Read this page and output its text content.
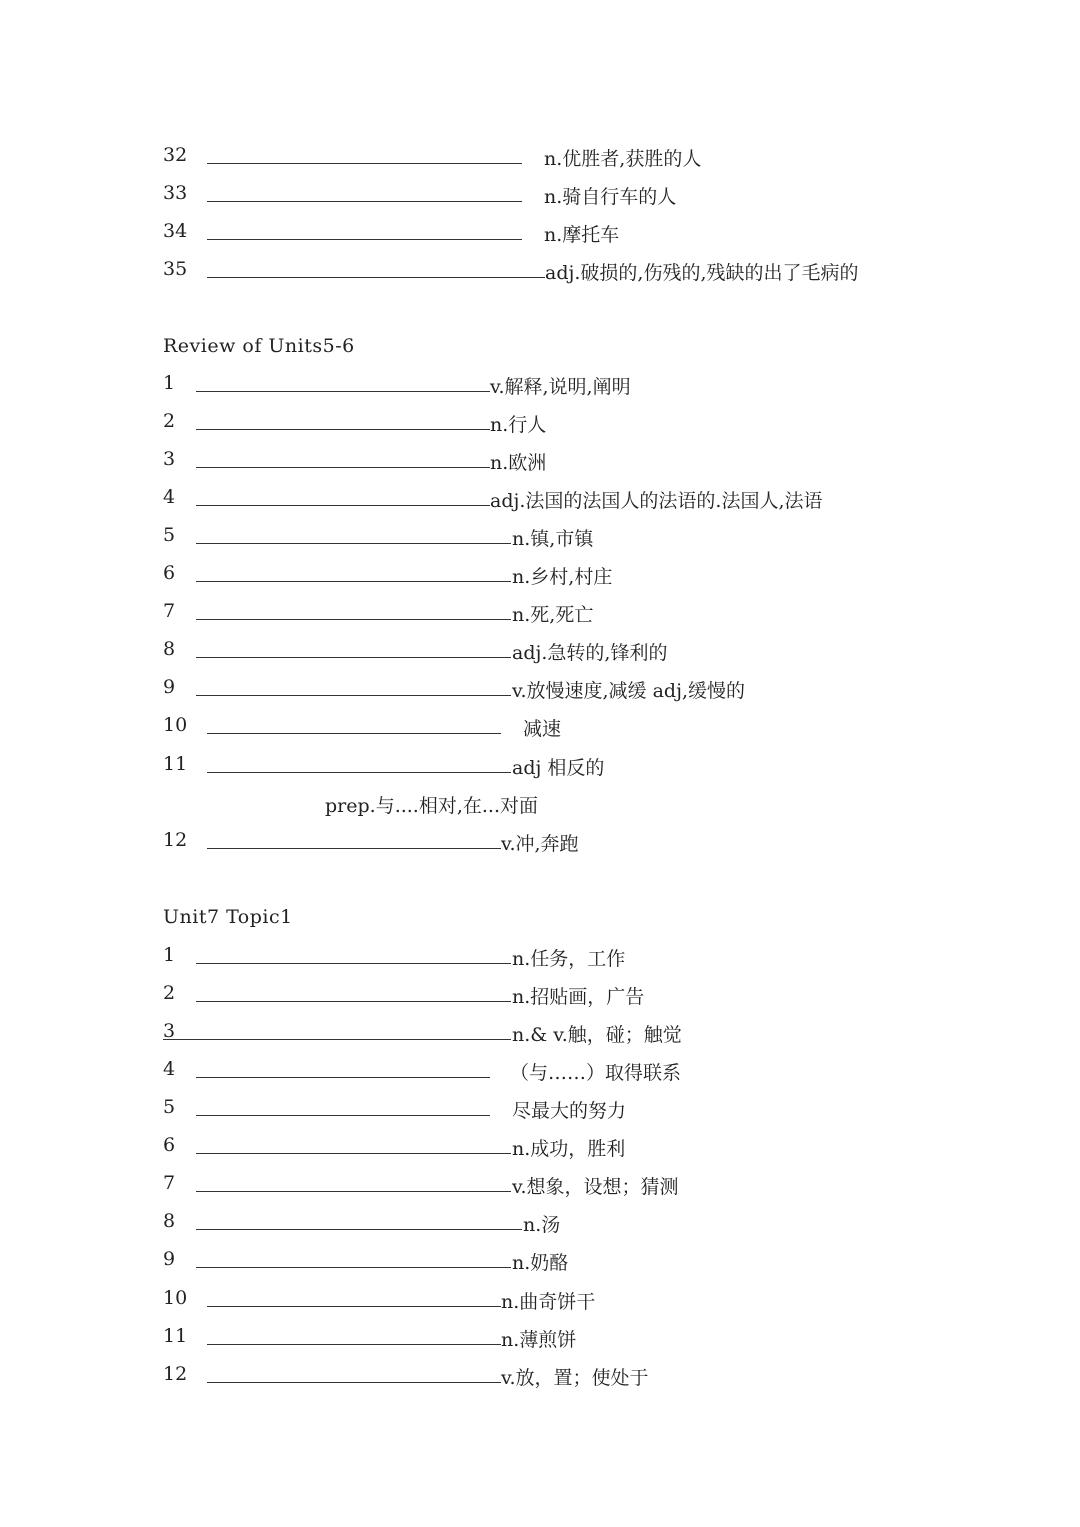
32	n.优胜者,获胜的人
33	n.骑自行车的人
34	n.摩托车
35	adj.破损的,伤残的,残缺的出了毛病的
Review of Units5-6
1	v.解释,说明,阐明
2	n.行人
3	n.欧洲
4	adj.法国的法国人的法语的.法国人,法语
5	n.镇,市镇
6	n.乡村,村庄
7	n.死,死亡
8	adj.急转的,锋利的
9	v.放慢速度,减缓 adj,缓慢的
10	减速
11	adj 相反的
prep.与....相对,在...对面
12	v.冲,奔跑
Unit7 Topic1
1	n.任务，工作
2	n.招贴画，广告
3	n.& v.触，碰；触觉
4	（与……）取得联系
5	尽最大的努力
6	n.成功，胜利
7	v.想象，设想；猜测
8	n.汤
9	n.奶酪
10	n.曲奇饼干
11	n.薄煎饼
12	v.放，置；使处于
